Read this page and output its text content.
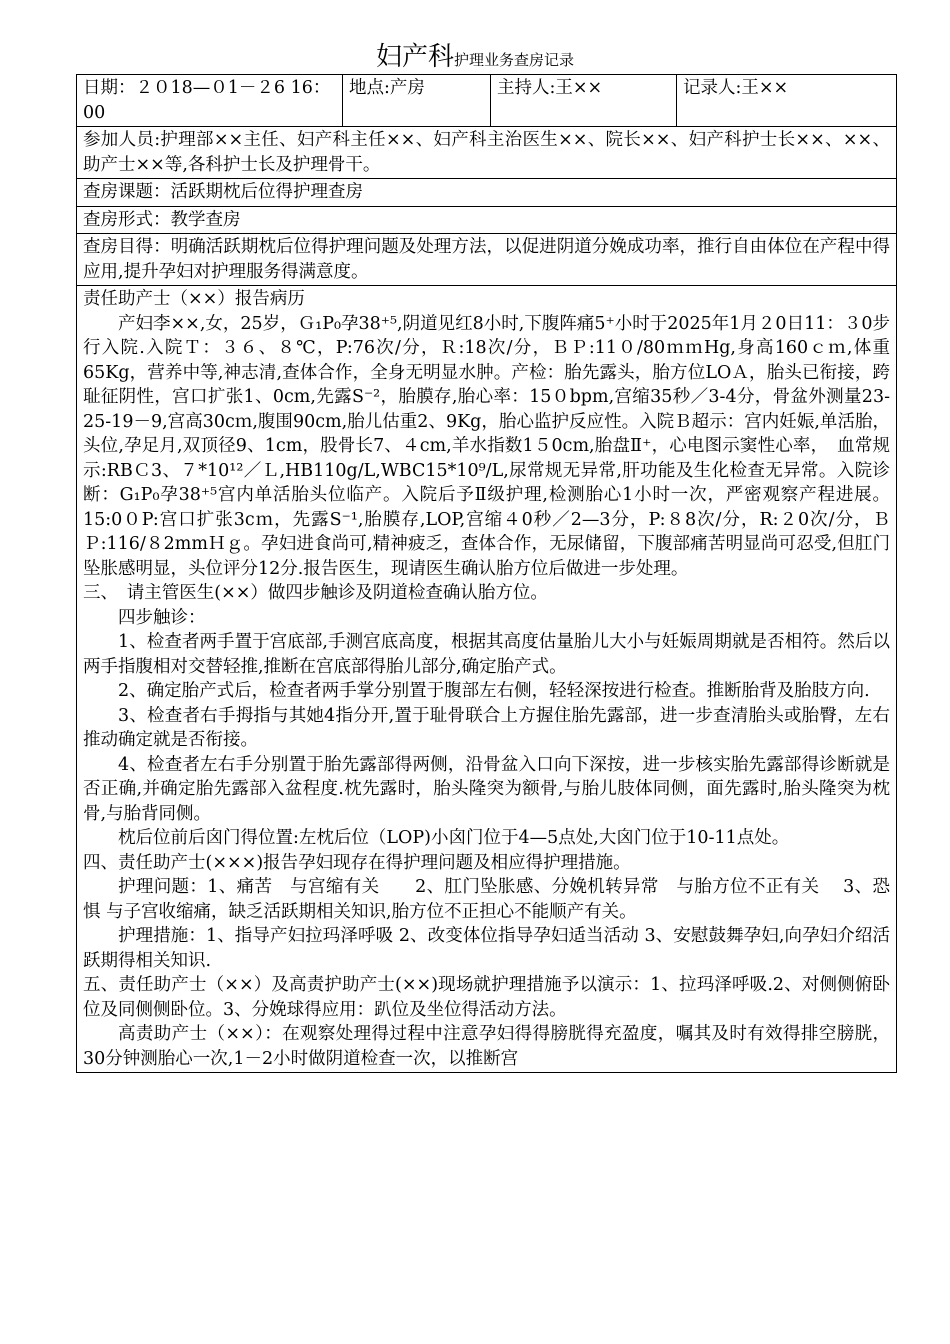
妇产科护理业务查房记录
日期：２０18—０1－２6 16：00	地点:产房	主持人:王××	记录人:王××
参加人员:护理部××主任、妇产科主任××、妇产科主治医生××、院长××、妇产科护士长××、××、助产士××等,各科护士长及护理骨干。
查房课题：活跃期枕后位得护理查房
查房形式：教学查房
查房目得：明确活跃期枕后位得护理问题及处理方法，以促进阴道分娩成功率，推行自由体位在产程中得应用,提升孕妇对护理服务得满意度。

责任助产士（××）报告病历

产妇李××,女，25岁，Ｇ₁P₀孕38⁺⁵,阴道见红8小时,下腹阵痛5⁺小时于2025年1月２0日11：３0步行入院.入院Ｔ：３６、８℃，P:76次/分，Ｒ:18次/分，ＢＰ:11０/80ｍｍHg,身高160ｃｍ,体重65Kg，营养中等,神志清,查体合作，全身无明显水肿。产检：胎先露头，胎方位LOＡ，胎头已衔接，跨耻征阴性，宫口扩张1、0cm,先露S⁻²，胎膜存,胎心率：15０bpm,宫缩35秒／3-4分，骨盆外测量23-25-19－9,宫高30cｍ,腹围90cm,胎儿估重2、9Kg，胎心监护反应性。入院Ｂ超示：宫内妊娠,单活胎，头位,孕足月,双顶径9、1cm，股骨长7、４cm,羊水指数1５0cm,胎盘Ⅱ⁺，心电图示窦性心率，　血常规示:RBＣ3、７*10¹²／Ｌ,HB110g/L,WBC15*10⁹/L,尿常规无异常,肝功能及生化检查无异常。入院诊断：G₁P₀孕38⁺⁵宫内单活胎头位临产。入院后予Ⅱ级护理,检测胎心1小时一次，严密观察产程进展。15:0０P:宫口扩张3cｍ，先露S⁻¹,胎膜存,LOP,宫缩４0秒／2—3分，P:８8次/分，R:２0次/分，ＢＰ:116/８2mmＨｇ。孕妇进食尚可,精神疲乏，查体合作，无尿储留，下腹部痛苦明显尚可忍受,但肛门坠胀感明显，头位评分12分.报告医生，现请医生确认胎方位后做进一步处理。

三、　请主管医生(××）做四步触诊及阴道检查确认胎方位。

四步触诊：

1、检查者两手置于宫底部,手测宫底高度，根据其高度估量胎儿大小与妊娠周期就是否相符。然后以两手指腹相对交替轻推,推断在宫底部得胎儿部分,确定胎产式。

2、确定胎产式后，检查者两手掌分别置于腹部左右侧，轻轻深按进行检查。推断胎背及胎肢方向.

3、检查者右手拇指与其她4指分开,置于耻骨联合上方握住胎先露部，进一步查清胎头或胎臀，左右推动确定就是否衔接。

4、检查者左右手分别置于胎先露部得两侧，沿骨盆入口向下深按，进一步核实胎先露部得诊断就是否正确,并确定胎先露部入盆程度.枕先露时，胎头隆突为额骨,与胎儿肢体同侧，面先露时,胎头隆突为枕骨,与胎背同侧。

枕后位前后囟门得位置:左枕后位（LOP)小囟门位于4—5点处,大囟门位于10-11点处。

四、责任助产士(×××)报告孕妇现存在得护理问题及相应得护理措施。

护理问题：1、痛苦　与宫缩有关　　2、肛门坠胀感、分娩机转异常　与胎方位不正有关　 3、恐惧 与子宫收缩痛，缺乏活跃期相关知识,胎方位不正担心不能顺产有关。

护理措施：1、指导产妇拉玛泽呼吸 2、改变体位指导孕妇适当活动 3、安慰鼓舞孕妇,向孕妇介绍活跃期得相关知识.

五、责任助产士（××）及高责护助产士(××)现场就护理措施予以演示：1、拉玛泽呼吸.2、对侧侧俯卧位及同侧侧卧位。3、分娩球得应用：趴位及坐位得活动方法。

高责助产士（××）：在观察处理得过程中注意孕妇得得膀胱得充盈度，嘱其及时有效得排空膀胱，30分钟测胎心一次,1－2小时做阴道检查一次，以推断宫
